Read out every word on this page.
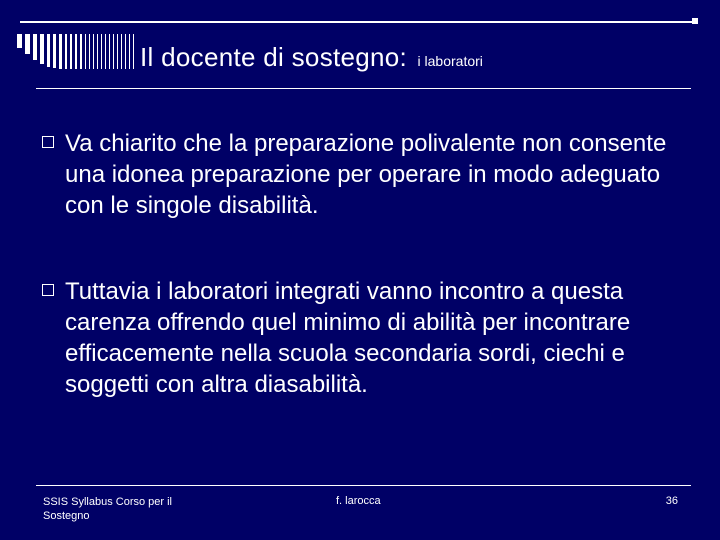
Il docente di sostegno: i laboratori
Va chiarito che la preparazione polivalente non consente una idonea preparazione per operare in modo adeguato con le singole disabilità.
Tuttavia i laboratori integrati vanno incontro a questa carenza offrendo quel minimo di abilità per incontrare efficacemente nella scuola secondaria sordi, ciechi e soggetti con altra diasabilità.
SSIS Syllabus Corso per il Sostegno
f. larocca	36
